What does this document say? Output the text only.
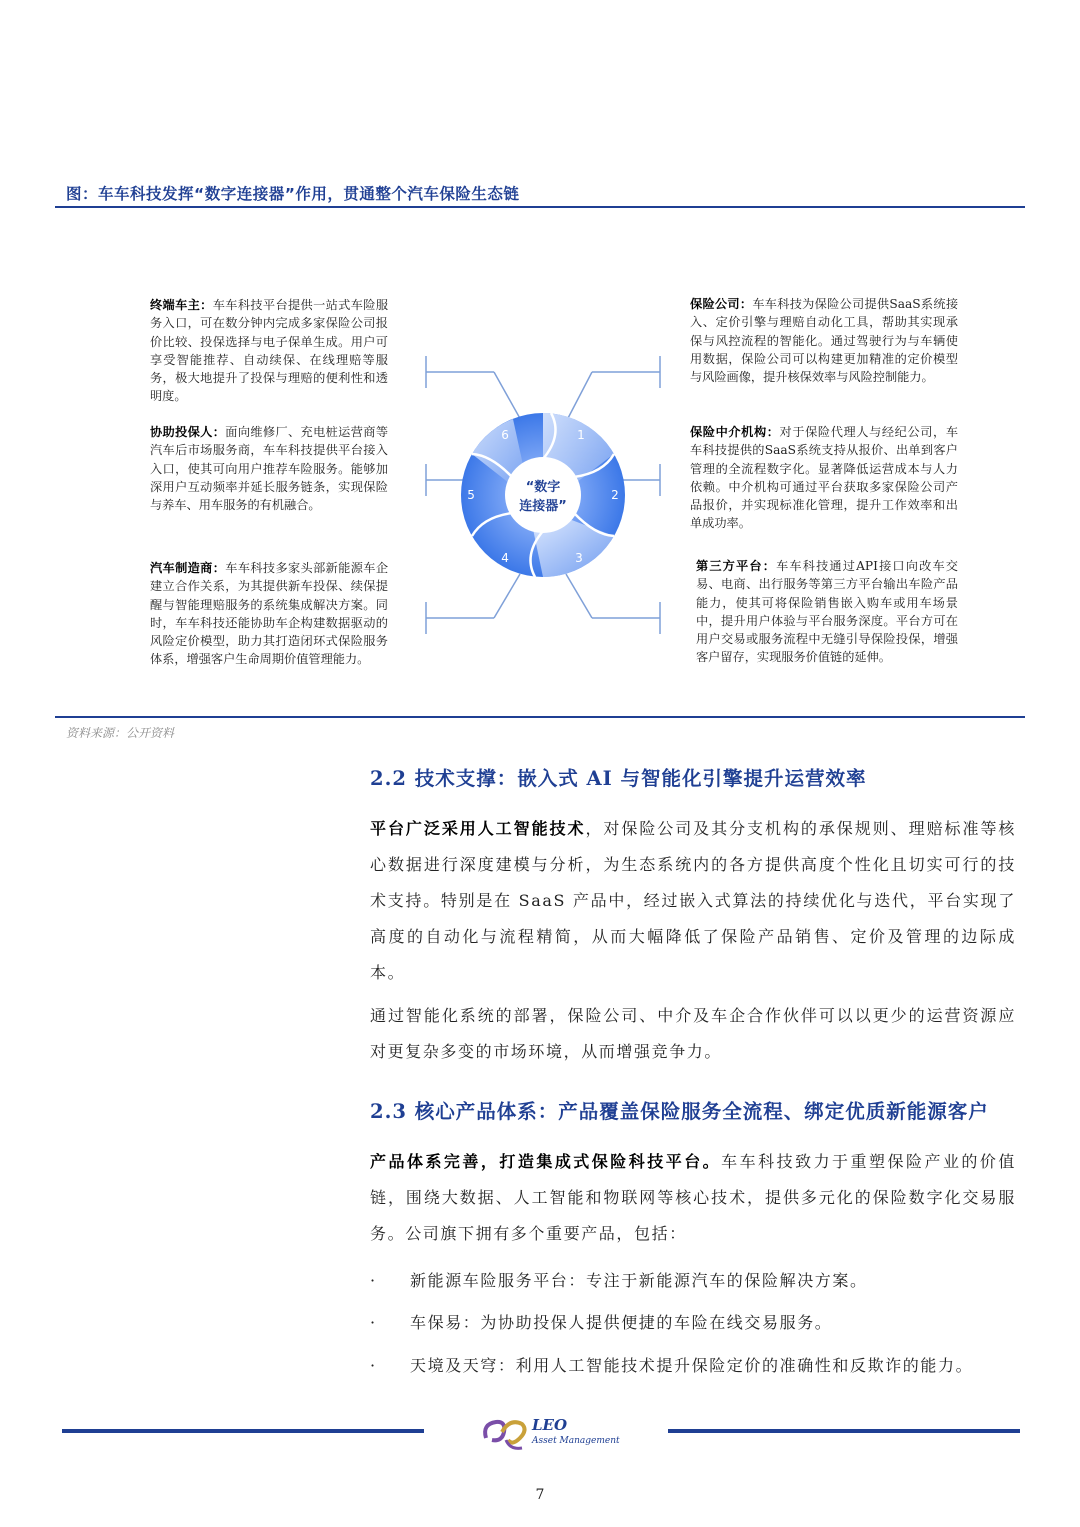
图：车车科技发挥“数字连接器”作用，贯通整个汽车保险生态链
终端车主：车车科技平台提供一站式车险服务入口，可在数分钟内完成多家保险公司报价比较、投保选择与电子保单生成。用户可享受智能推荐、自动续保、在线理赔等服务，极大地提升了投保与理赔的便利性和透明度。
协助投保人：面向维修厂、充电桩运营商等汽车后市场服务商，车车科技提供平台接入入口，使其可向用户推荐车险服务。能够加深用户互动频率并延长服务链条，实现保险与养车、用车服务的有机融合。
汽车制造商：车车科技多家头部新能源车企建立合作关系，为其提供新车投保、续保提醒与智能理赔服务的系统集成解决方案。同时，车车科技还能协助车企构建数据驱动的风险定价模型，助力其打造闭环式保险服务体系，增强客户生命周期价值管理能力。
保险公司：车车科技为保险公司提供SaaS系统接入、定价引擎与理赔自动化工具，帮助其实现承保与风控流程的智能化。通过驾驶行为与车辆使用数据，保险公司可以构建更加精准的定价模型与风险画像，提升核保效率与风险控制能力。
保险中介机构：对于保险代理人与经纪公司，车车科技提供的SaaS系统支持从报价、出单到客户管理的全流程数字化。显著降低运营成本与人力依赖。中介机构可通过平台获取多家保险公司产品报价，并实现标准化管理，提升工作效率和出单成功率。
第三方平台：车车科技通过API接口向改车交易、电商、出行服务等第三方平台输出车险产品能力，使其可将保险销售嵌入购车或用车场景中，提升用户体验与平台服务深度。平台方可在用户交易或服务流程中无缝引导保险投保，增强客户留存，实现服务价值链的延伸。
“数字
连接器”
1
2
3
4
5
6
资料来源：公开资料
2.2 技术支撑：嵌入式 AI 与智能化引擎提升运营效率
平台广泛采用人工智能技术，对保险公司及其分支机构的承保规则、理赔标准等核心数据进行深度建模与分析，为生态系统内的各方提供高度个性化且切实可行的技术支持。特别是在 SaaS 产品中，经过嵌入式算法的持续优化与迭代，平台实现了高度的自动化与流程精简，从而大幅降低了保险产品销售、定价及管理的边际成本。
通过智能化系统的部署，保险公司、中介及车企合作伙伴可以以更少的运营资源应对更复杂多变的市场环境，从而增强竞争力。
2.3 核心产品体系：产品覆盖保险服务全流程、绑定优质新能源客户
产品体系完善，打造集成式保险科技平台。车车科技致力于重塑保险产业的价值链，围绕大数据、人工智能和物联网等核心技术，提供多元化的保险数字化交易服务。公司旗下拥有多个重要产品，包括：
· 新能源车险服务平台：专注于新能源汽车的保险解决方案。
· 车保易：为协助投保人提供便捷的车险在线交易服务。
· 天境及天穹：利用人工智能技术提升保险定价的准确性和反欺诈的能力。
LEO
Asset Management
7
